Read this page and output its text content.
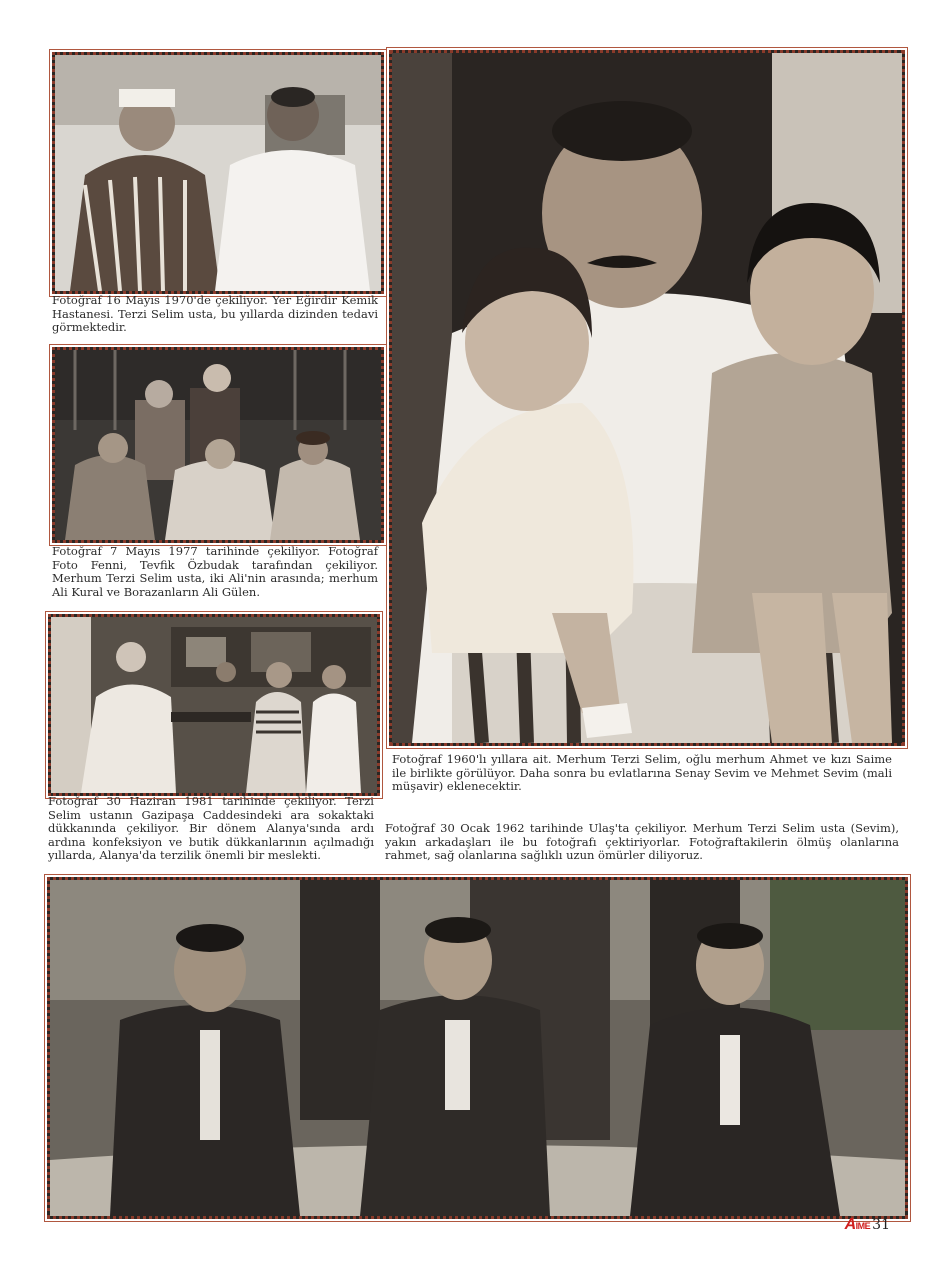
Fotoğraf 16 Mayıs 1970'de çekiliyor. Yer Eğirdir Kemik Hastanesi. Terzi Selim usta, bu yıllarda dizinden tedavi görmektedir.
Fotoğraf 7 Mayıs 1977 tarihinde çekiliyor. Fotoğraf Foto Fenni, Tevfik Özbudak tarafından çekiliyor. Merhum Terzi Selim usta, iki Ali'nin arasında; merhum Ali Kural ve Borazanların Ali Gülen.
Fotoğraf 30 Haziran 1981 tarihinde çekiliyor. Terzi Selim ustanın Gazipaşa Caddesindeki ara sokaktaki dükkanında çekiliyor. Bir dönem Alanya'sında ardı ardına konfeksiyon ve butik dükkanlarının açılmadığı yıllarda, Alanya'da terzilik önemli bir meslekti.
Fotoğraf 1960'lı yıllara ait. Merhum Terzi Selim, oğlu merhum Ahmet ve kızı Saime ile birlikte görülüyor. Daha sonra bu evlatlarına Senay Sevim ve Mehmet Sevim (mali müşavir) eklenecektir.
Fotoğraf 30 Ocak 1962 tarihinde Ulaş'ta çekiliyor. Merhum Terzi Selim usta (Sevim), yakın arkadaşları ile bu fotoğrafı çektiriyorlar. Fotoğraftakilerin ölmüş olanlarına rahmet, sağ olanlarına sağlıklı uzun ömürler diliyoruz.
AIME 31
